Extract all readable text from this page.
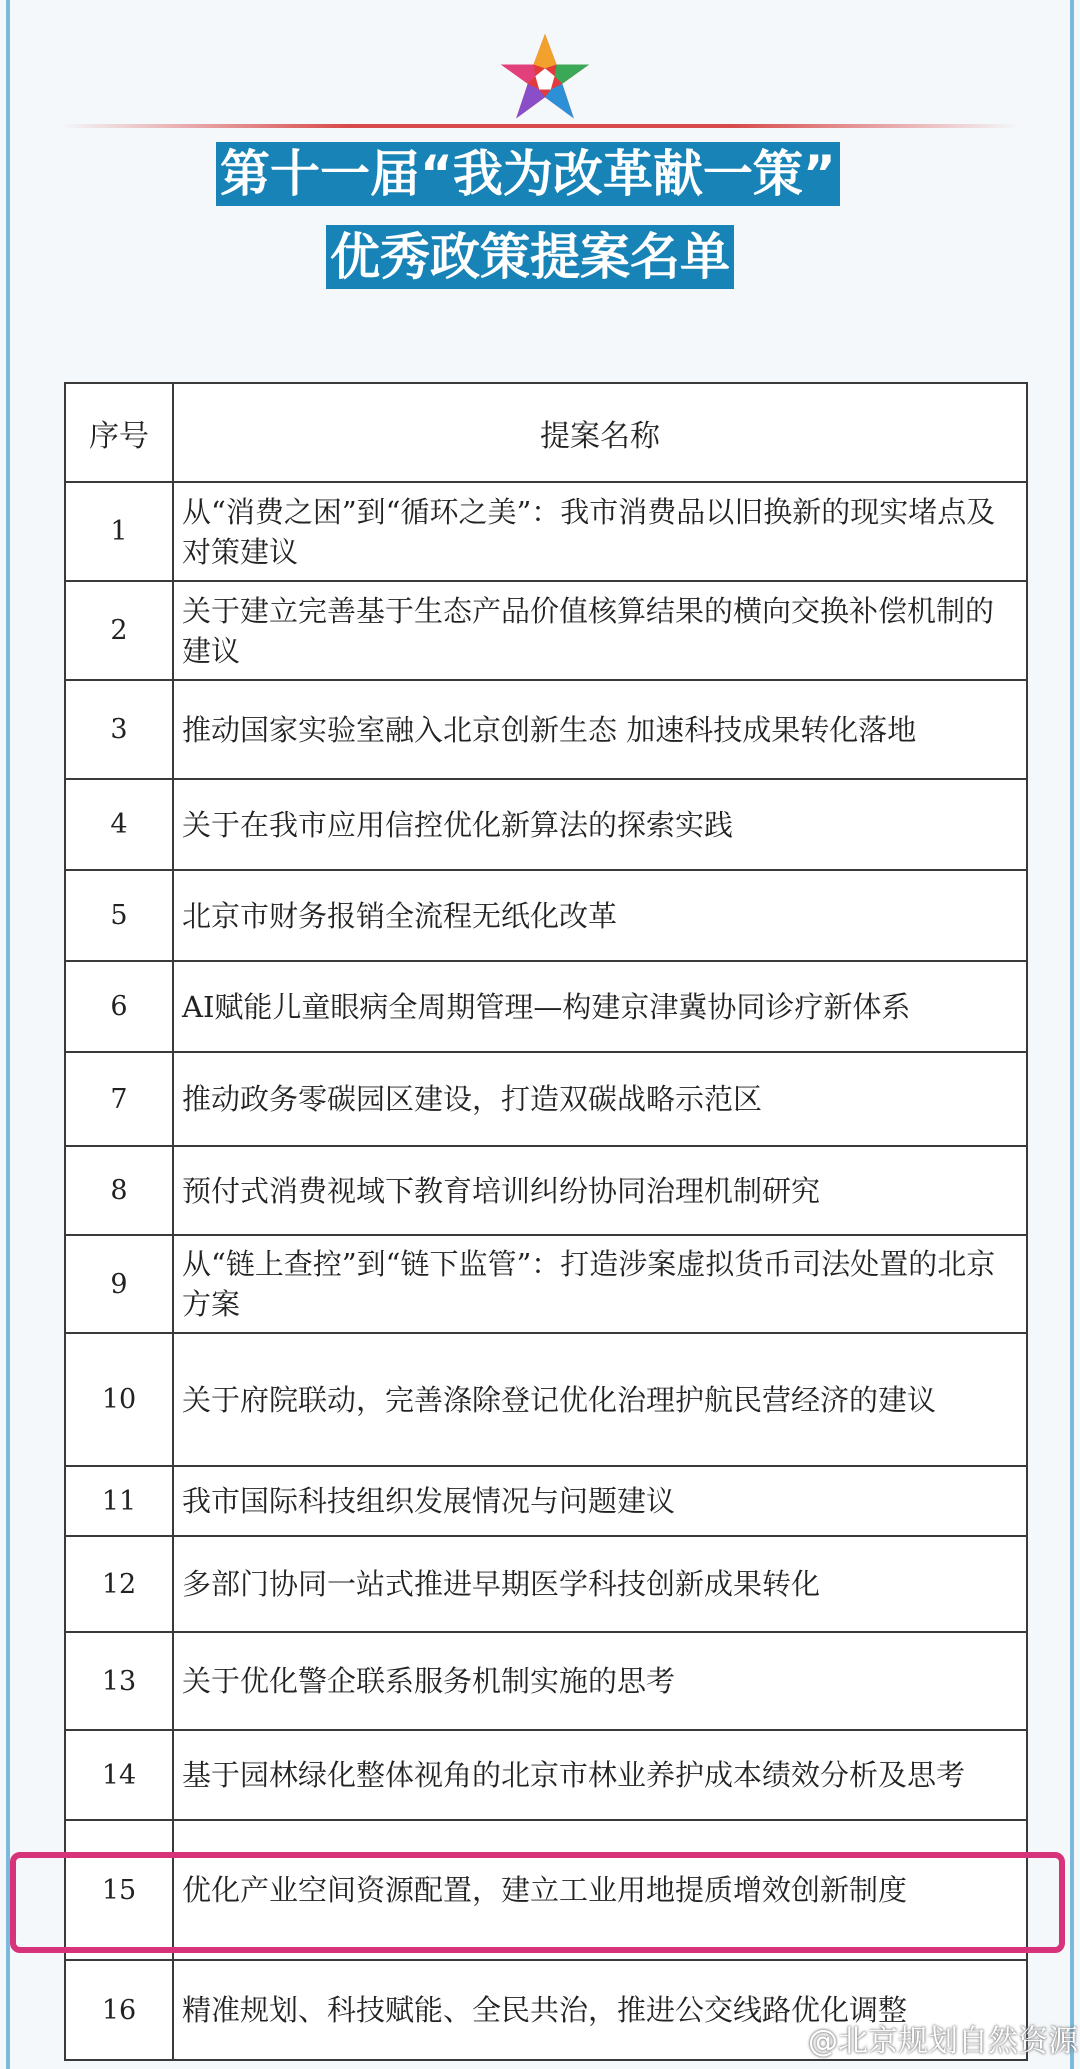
第十一届“我为改革献一策”
优秀政策提案名单
序号	提案名称
1	从“消费之困”到“循环之美”：我市消费品以旧换新的现实堵点及对策建议
2	关于建立完善基于生态产品价值核算结果的横向交换补偿机制的建议
3	推动国家实验室融入北京创新生态 加速科技成果转化落地
4	关于在我市应用信控优化新算法的探索实践
5	北京市财务报销全流程无纸化改革
6	AI赋能儿童眼病全周期管理—构建京津冀协同诊疗新体系
7	推动政务零碳园区建设，打造双碳战略示范区
8	预付式消费视域下教育培训纠纷协同治理机制研究
9	从“链上查控”到“链下监管”：打造涉案虚拟货币司法处置的北京方案
10	关于府院联动，完善涤除登记优化治理护航民营经济的建议
11	我市国际科技组织发展情况与问题建议
12	多部门协同一站式推进早期医学科技创新成果转化
13	关于优化警企联系服务机制实施的思考
14	基于园林绿化整体视角的北京市林业养护成本绩效分析及思考
15	优化产业空间资源配置，建立工业用地提质增效创新制度
16	精准规划、科技赋能、全民共治，推进公交线路优化调整
@北京规划自然资源
